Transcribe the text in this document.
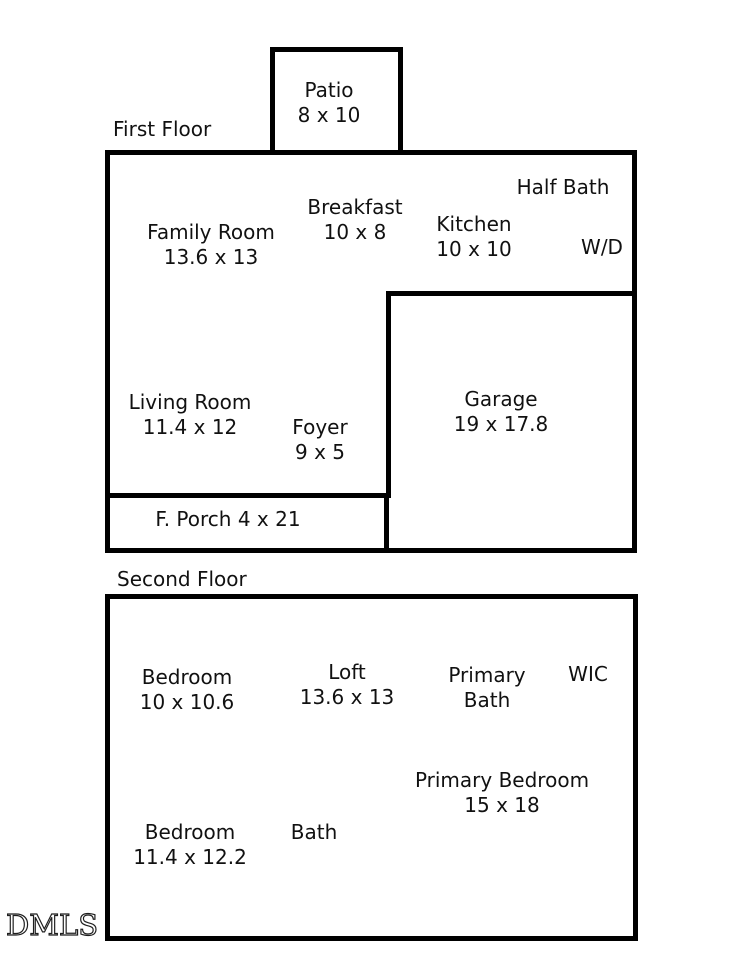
First Floor
Patio
8 x 10
Family Room
13.6 x 13
Breakfast
10 x 8	Kitchen
10 x 10
Half Bath
W/D
Living Room
11.4 x 12	Foyer
9 x 5
Garage
19 x 17.8
F. Porch 4 x 21
Second Floor
Bedroom
10 x 10.6
Loft
13.6 x 13
Primary Bath
WIC
Primary Bedroom
15 x 18
Bedroom
11.4 x 12.2
Bath
DMLS
